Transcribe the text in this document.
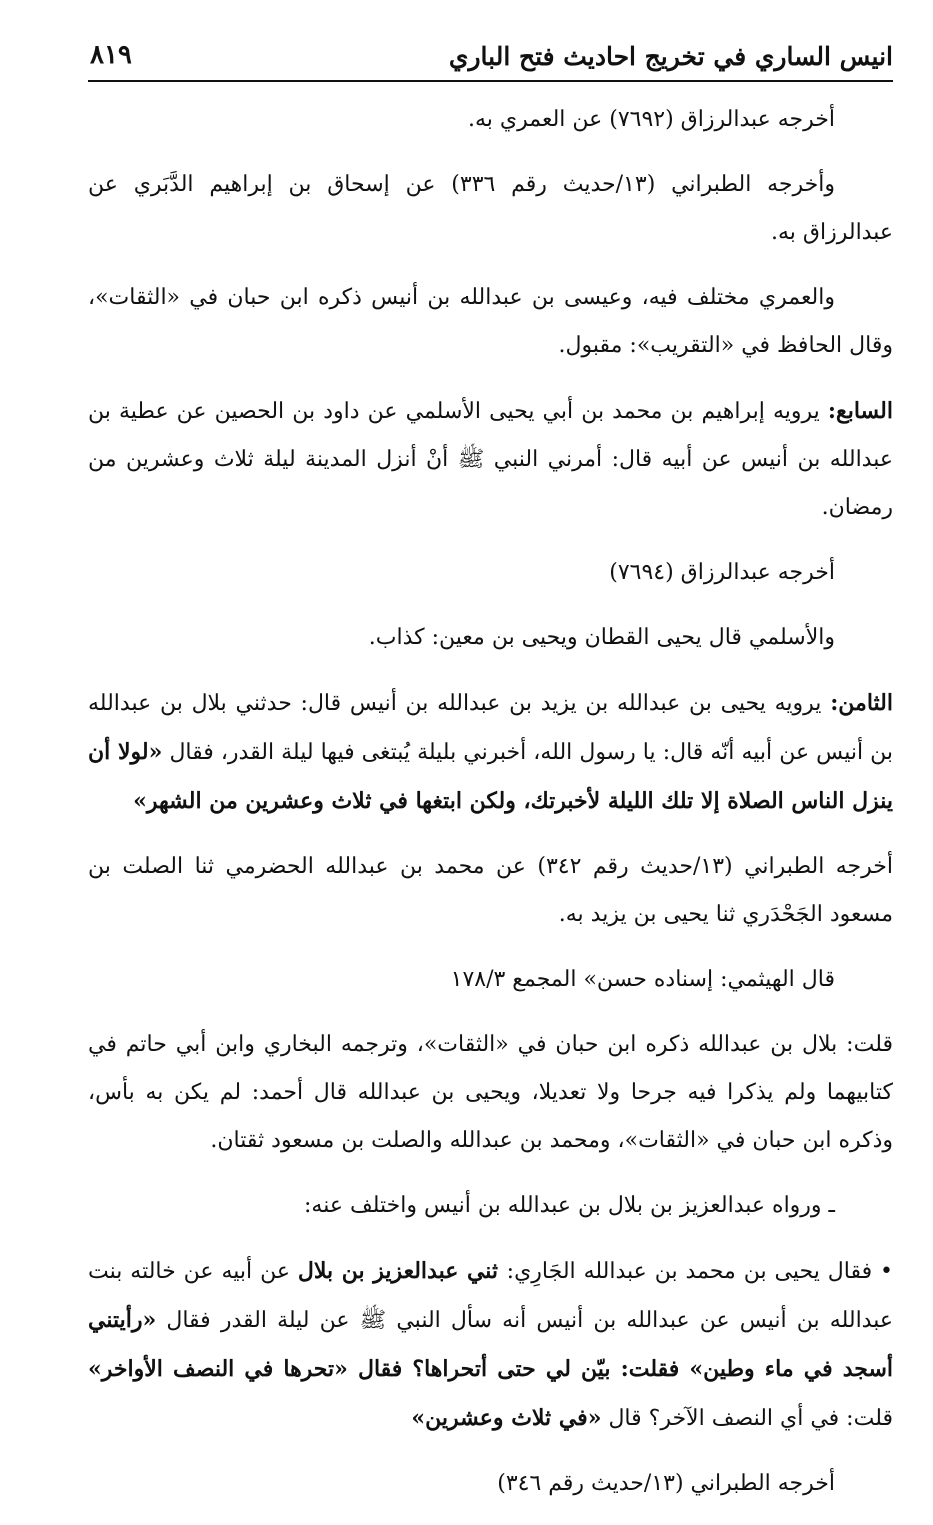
انيس الساري في تخريج احاديث فتح الباري
٨١٩

أخرجه عبدالرزاق (٧٦٩٢) عن العمري به.

وأخرجه الطبراني (١٣/حديث رقم ٣٣٦) عن إسحاق بن إبراهيم الدَّبَري عن عبدالرزاق به.

والعمري مختلف فيه، وعيسى بن عبدالله بن أنيس ذكره ابن حبان في «الثقات»، وقال الحافظ في «التقريب»: مقبول.

السابع: يرويه إبراهيم بن محمد بن أبي يحيى الأسلمي عن داود بن الحصين عن عطية بن عبدالله بن أنيس عن أبيه قال: أمرني النبي ﷺ أنْ أنزل المدينة ليلة ثلاث وعشرين من رمضان.

أخرجه عبدالرزاق (٧٦٩٤)

والأسلمي قال يحيى القطان ويحيى بن معين: كذاب.

الثامن: يرويه يحيى بن عبدالله بن يزيد بن عبدالله بن أنيس قال: حدثني بلال بن عبدالله بن أنيس عن أبيه أنّه قال: يا رسول الله، أخبرني بليلة يُبتغى فيها ليلة القدر، فقال «لولا أن ينزل الناس الصلاة إلا تلك الليلة لأخبرتك، ولكن ابتغها في ثلاث وعشرين من الشهر»

أخرجه الطبراني (١٣/حديث رقم ٣٤٢) عن محمد بن عبدالله الحضرمي ثنا الصلت بن مسعود الجَحْدَري ثنا يحيى بن يزيد به.

قال الهيثمي: إسناده حسن» المجمع ١٧٨/٣

قلت: بلال بن عبدالله ذكره ابن حبان في «الثقات»، وترجمه البخاري وابن أبي حاتم في كتابيهما ولم يذكرا فيه جرحا ولا تعديلا، ويحيى بن عبدالله قال أحمد: لم يكن به بأس، وذكره ابن حبان في «الثقات»، ومحمد بن عبدالله والصلت بن مسعود ثقتان.

ـ ورواه عبدالعزيز بن بلال بن عبدالله بن أنيس واختلف عنه:

• فقال يحيى بن محمد بن عبدالله الجَارِي: ثني عبدالعزيز بن بلال عن أبيه عن خالته بنت عبدالله بن أنيس عن عبدالله بن أنيس أنه سأل النبي ﷺ عن ليلة القدر فقال «رأيتني أسجد في ماء وطين» فقلت: بيّن لي حتى أتحراها؟ فقال «تحرها في النصف الأواخر» قلت: في أي النصف الآخر؟ قال «في ثلاث وعشرين»

أخرجه الطبراني (١٣/حديث رقم ٣٤٦)
